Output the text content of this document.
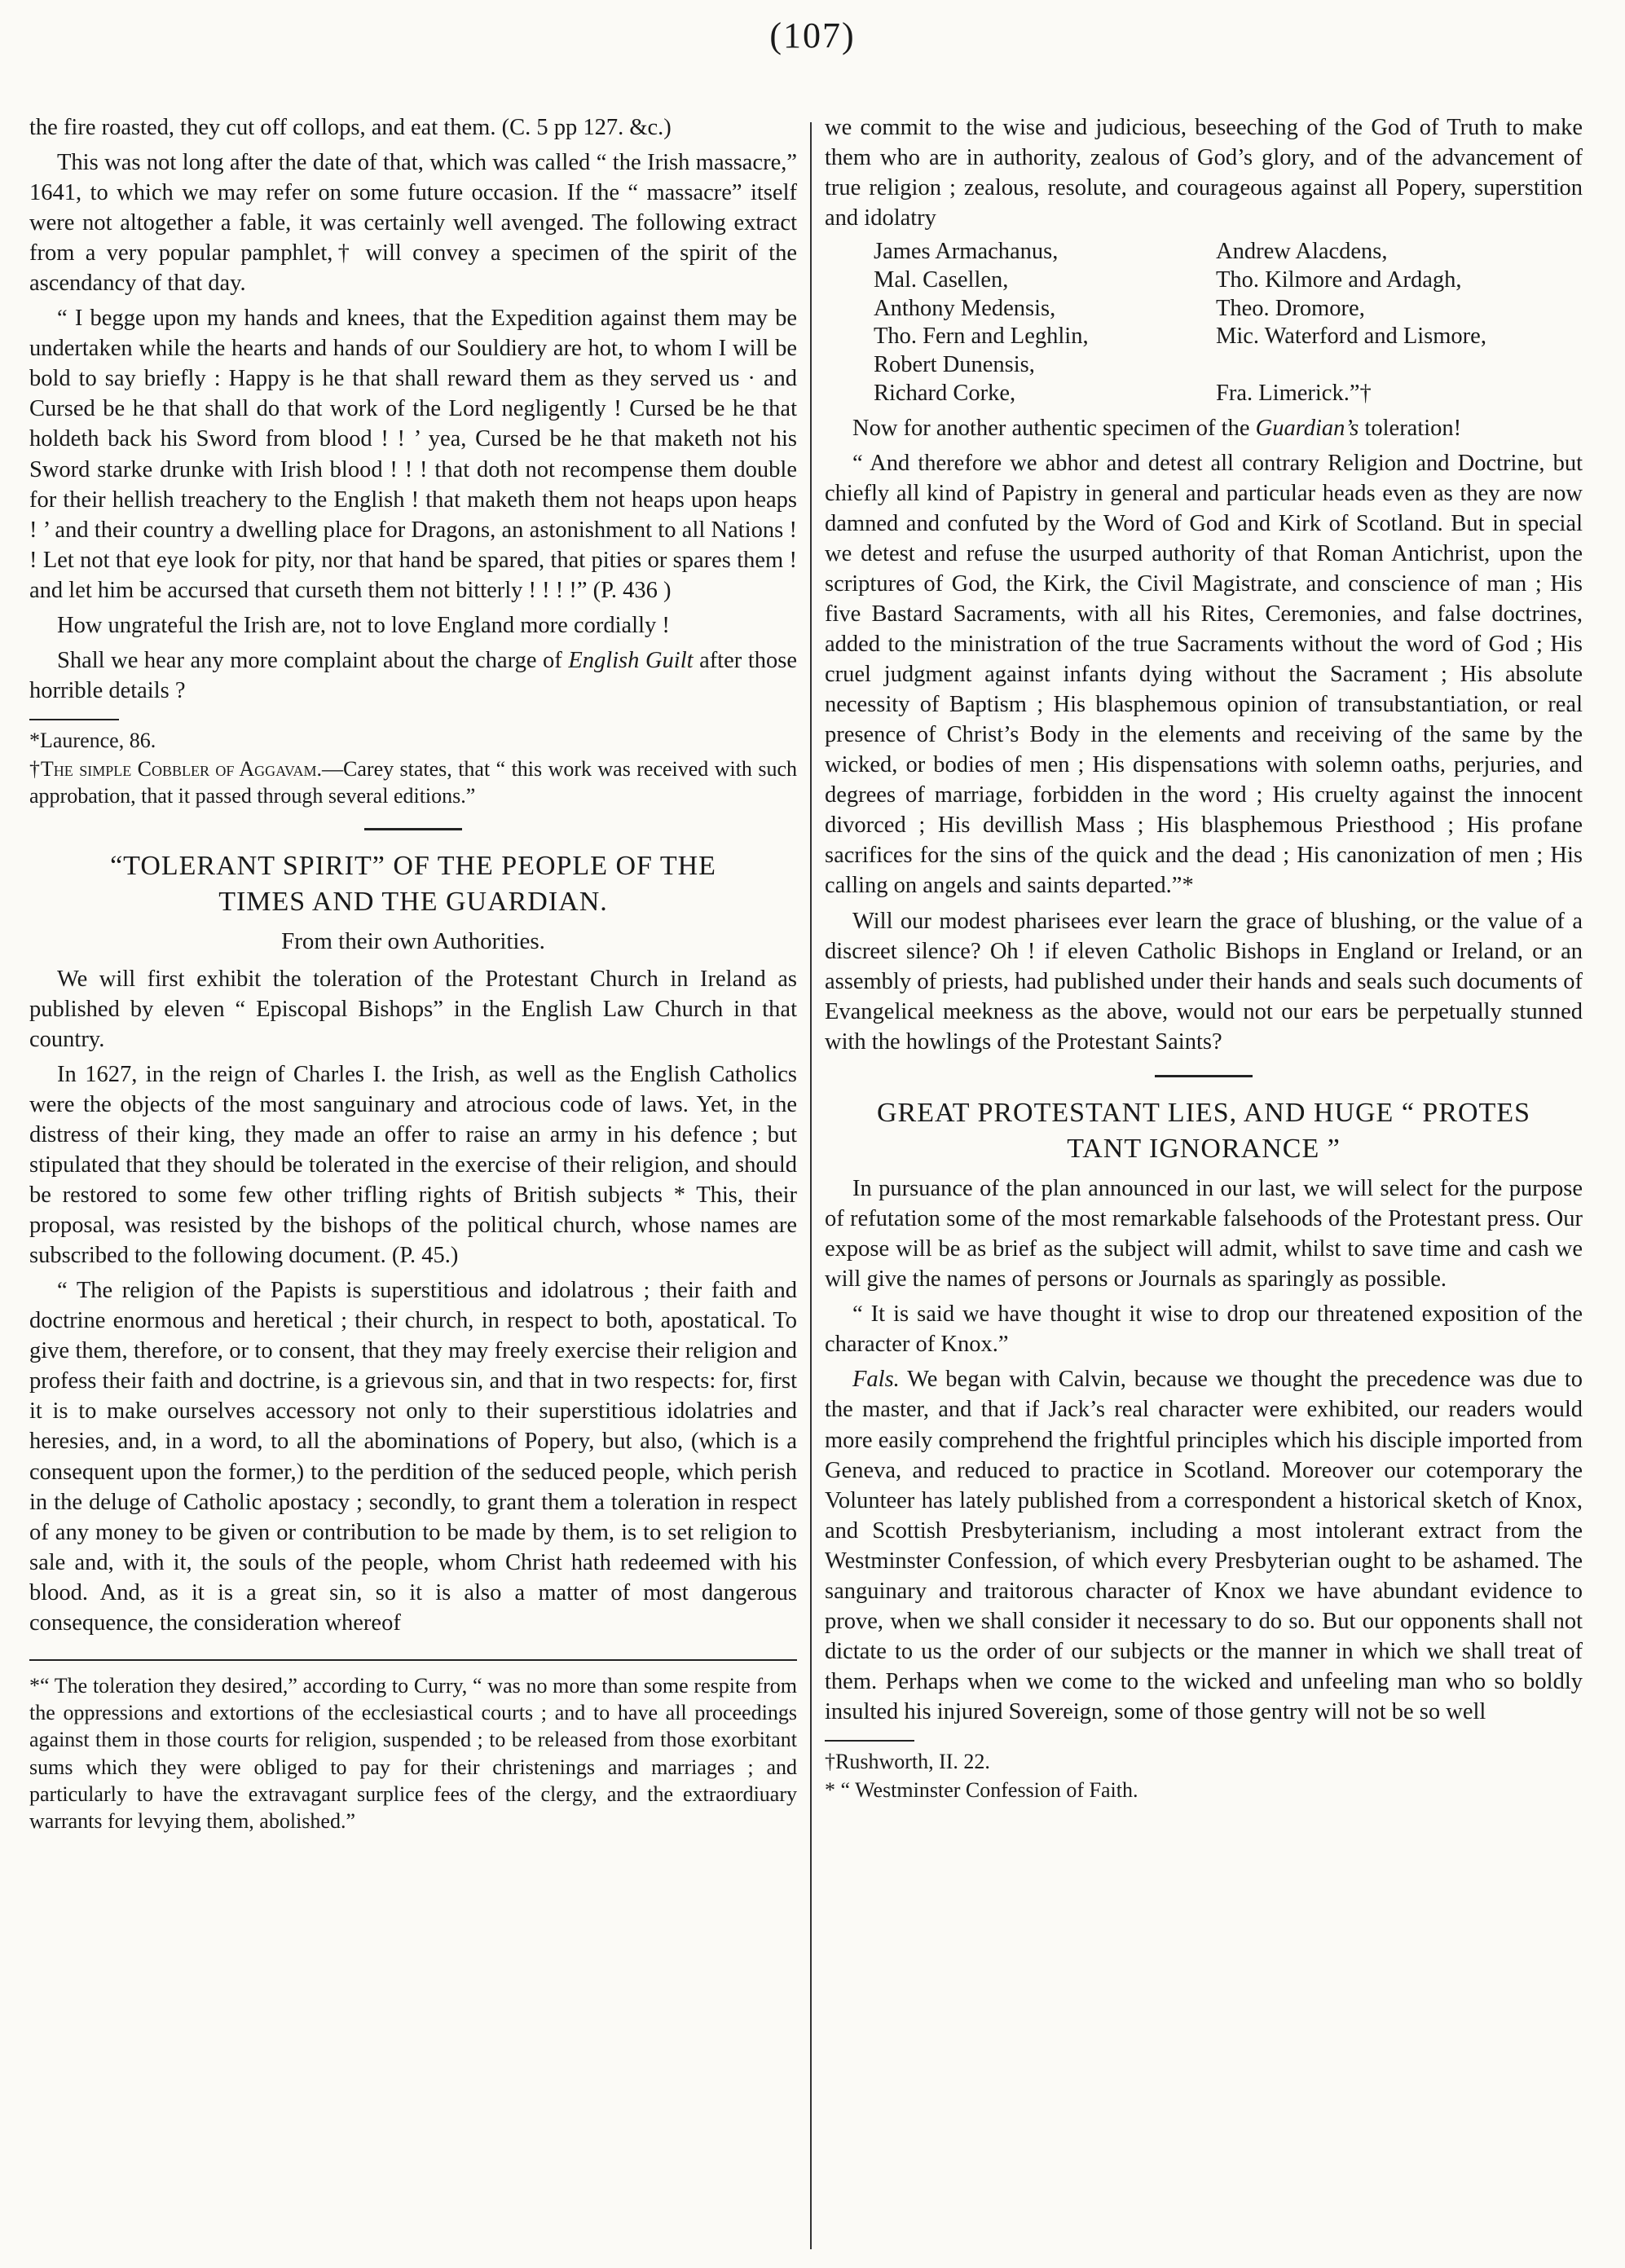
(107)

the fire roasted, they cut off collops, and eat them. (C. 5 pp 127. &c.)

This was not long after the date of that, which was called “ the Irish massacre,” 1641, to which we may refer on some future occasion. If the “ massacre” itself were not altogether a fable, it was certainly well avenged. The following extract from a very popular pamphlet,† will convey a specimen of the spirit of the ascendancy of that day.

“ I begge upon my hands and knees, that the Expedition against them may be undertaken while the hearts and hands of our Souldiery are hot, to whom I will be bold to say briefly : Happy is he that shall reward them as they served us · and Cursed be he that shall do that work of the Lord negligently ! Cursed be he that holdeth back his Sword from blood ! ! ’ yea, Cursed be he that maketh not his Sword starke drunke with Irish blood ! ! ! that doth not recompense them double for their hellish treachery to the English ! that maketh them not heaps upon heaps ! ’ and their country a dwelling place for Dragons, an astonishment to all Nations ! ! Let not that eye look for pity, nor that hand be spared, that pities or spares them ! and let him be accursed that curseth them not bitterly ! ! ! !” (P. 436 )

How ungrateful the Irish are, not to love England more cordially !

Shall we hear any more complaint about the charge of English Guilt after those horrible details ?

*Laurence, 86.

†The simple Cobbler of Aggavam.—Carey states, that “ this work was received with such approbation, that it passed through several editions.”

“TOLERANT SPIRIT” OF THE PEOPLE OF THE
TIMES AND THE GUARDIAN.
From their own Authorities.

We will first exhibit the toleration of the Protestant Church in Ireland as published by eleven “ Episcopal Bishops” in the English Law Church in that country.

In 1627, in the reign of Charles I. the Irish, as well as the English Catholics were the objects of the most sanguinary and atrocious code of laws. Yet, in the distress of their king, they made an offer to raise an army in his defence ; but stipulated that they should be tolerated in the exercise of their religion, and should be restored to some few other trifling rights of British subjects * This, their proposal, was resisted by the bishops of the political church, whose names are subscribed to the following document. (P. 45.)

“ The religion of the Papists is superstitious and idolatrous ; their faith and doctrine enormous and heretical ; their church, in respect to both, apostatical. To give them, therefore, or to consent, that they may freely exercise their religion and profess their faith and doctrine, is a grievous sin, and that in two respects: for, first it is to make ourselves accessory not only to their superstitious idolatries and heresies, and, in a word, to all the abominations of Popery, but also, (which is a consequent upon the former,) to the perdition of the seduced people, which perish in the deluge of Catholic apostacy ; secondly, to grant them a toleration in respect of any money to be given or contribution to be made by them, is to set religion to sale and, with it, the souls of the people, whom Christ hath redeemed with his blood. And, as it is a great sin, so it is also a matter of most dangerous consequence, the consideration whereof

*“ The toleration they desired,” according to Curry, “ was no more than some respite from the oppressions and extortions of the ecclesiastical courts ; and to have all proceedings against them in those courts for religion, suspended ; to be released from those exorbitant sums which they were obliged to pay for their christenings and marriages ; and particularly to have the extravagant surplice fees of the clergy, and the extraordiuary warrants for levying them, abolished.”

we commit to the wise and judicious, beseeching of the God of Truth to make them who are in authority, zealous of God’s glory, and of the advancement of true religion ; zealous, resolute, and courageous against all Popery, superstition and idolatry

James Armachanus,
Mal. Casellen,
Anthony Medensis,
Tho. Fern and Leghlin,
Robert Dunensis,
Richard Corke,
Andrew Alacdens,
Tho. Kilmore and Ardagh,
Theo. Dromore,
Mic. Waterford and Lismore,

Fra. Limerick.”†

Now for another authentic specimen of the Guardian’s toleration!

“ And therefore we abhor and detest all contrary Religion and Doctrine, but chiefly all kind of Papistry in general and particular heads even as they are now damned and confuted by the Word of God and Kirk of Scotland. But in special we detest and refuse the usurped authority of that Roman Antichrist, upon the scriptures of God, the Kirk, the Civil Magistrate, and conscience of man ; His five Bastard Sacraments, with all his Rites, Ceremonies, and false doctrines, added to the ministration of the true Sacraments without the word of God ; His cruel judgment against infants dying without the Sacrament ; His absolute necessity of Baptism ; His blasphemous opinion of transubstantiation, or real presence of Christ’s Body in the elements and receiving of the same by the wicked, or bodies of men ; His dispensations with solemn oaths, perjuries, and degrees of marriage, forbidden in the word ; His cruelty against the innocent divorced ; His devillish Mass ; His blasphemous Priesthood ; His profane sacrifices for the sins of the quick and the dead ; His canonization of men ; His calling on angels and saints departed.”*

Will our modest pharisees ever learn the grace of blushing, or the value of a discreet silence? Oh ! if eleven Catholic Bishops in England or Ireland, or an assembly of priests, had published under their hands and seals such documents of Evangelical meekness as the above, would not our ears be perpetually stunned with the howlings of the Protestant Saints?

GREAT PROTESTANT LIES, AND HUGE “ PROTES
TANT IGNORANCE ”

In pursuance of the plan announced in our last, we will select for the purpose of refutation some of the most remarkable falsehoods of the Protestant press. Our expose will be as brief as the subject will admit, whilst to save time and cash we will give the names of persons or Journals as sparingly as possible.

“ It is said we have thought it wise to drop our threatened exposition of the character of Knox.”

Fals. We began with Calvin, because we thought the precedence was due to the master, and that if Jack’s real character were exhibited, our readers would more easily comprehend the frightful principles which his disciple imported from Geneva, and reduced to practice in Scotland. Moreover our cotemporary the Volunteer has lately published from a correspondent a historical sketch of Knox, and Scottish Presbyterianism, including a most intolerant extract from the Westminster Confession, of which every Presbyterian ought to be ashamed. The sanguinary and traitorous character of Knox we have abundant evidence to prove, when we shall consider it necessary to do so. But our opponents shall not dictate to us the order of our subjects or the manner in which we shall treat of them. Perhaps when we come to the wicked and unfeeling man who so boldly insulted his injured Sovereign, some of those gentry will not be so well

†Rushworth, II. 22.

* “ Westminster Confession of Faith.
